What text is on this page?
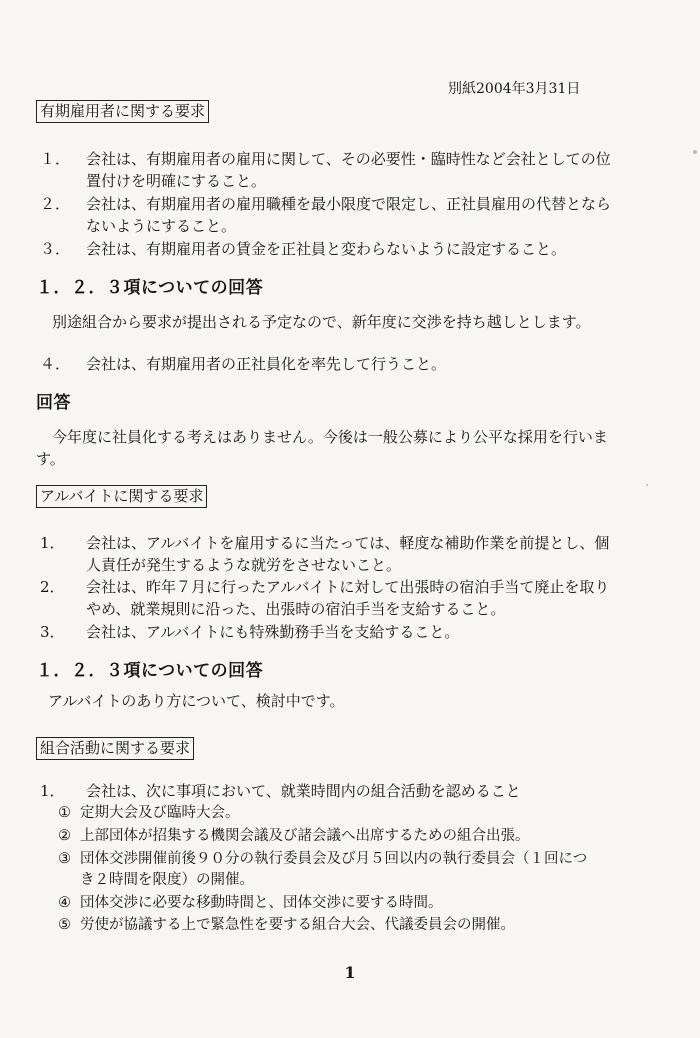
別紙2004年3月31日
有期雇用者に関する要求
１． 会社は、有期雇用者の雇用に関して、その必要性・臨時性など会社としての位
置付けを明確にすること。
２． 会社は、有期雇用者の雇用職種を最小限度で限定し、正社員雇用の代替となら
ないようにすること。
３． 会社は、有期雇用者の賃金を正社員と変わらないように設定すること。
１．２．３項についての回答
別途組合から要求が提出される予定なので、新年度に交渉を持ち越しとします。
４． 会社は、有期雇用者の正社員化を率先して行うこと。
回答
今年度に社員化する考えはありません。今後は一般公募により公平な採用を行いま
す。
アルバイトに関する要求
1． 会社は、アルバイトを雇用するに当たっては、軽度な補助作業を前提とし、個
人責任が発生するような就労をさせないこと。
2． 会社は、昨年７月に行ったアルバイトに対して出張時の宿泊手当て廃止を取り
やめ、就業規則に沿った、出張時の宿泊手当を支給すること。
3． 会社は、アルバイトにも特殊勤務手当を支給すること。
１．２．３項についての回答
アルバイトのあり方について、検討中です。
組合活動に関する要求
1． 会社は、次に事項において、就業時間内の組合活動を認めること
① 定期大会及び臨時大会。
② 上部団体が招集する機関会議及び諸会議へ出席するための組合出張。
③ 団体交渉開催前後９０分の執行委員会及び月５回以内の執行委員会（１回につ
き２時間を限度）の開催。
④ 団体交渉に必要な移動時間と、団体交渉に要する時間。
⑤ 労使が協議する上で緊急性を要する組合大会、代議委員会の開催。
1
